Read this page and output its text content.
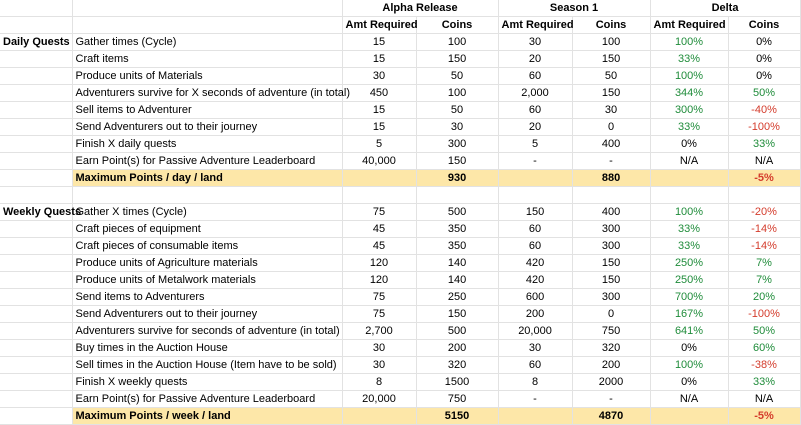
		Alpha Release		Season 1		Delta	
		Amt Required	Coins	Amt Required	Coins	Amt Required	Coins
Daily Quests	Gather times (Cycle)	15	100	30	100	100%	0%
	Craft items	15	150	20	150	33%	0%
	Produce units of Materials	30	50	60	50	100%	0%
	Adventurers survive for X seconds of adventure (in total)	450	100	2,000	150	344%	50%
	Sell items to Adventurer	15	50	60	30	300%	-40%
	Send Adventurers out to their journey	15	30	20	0	33%	-100%
	Finish X daily quests	5	300	5	400	0%	33%
	Earn Point(s) for Passive Adventure Leaderboard	40,000	150	-	-	N/A	N/A
	Maximum Points / day / land		930		880		-5%

Weekly Quests	Gather X times (Cycle)	75	500	150	400	100%	-20%
	Craft pieces of equipment	45	350	60	300	33%	-14%
	Craft pieces of consumable items	45	350	60	300	33%	-14%
	Produce units of Agriculture materials	120	140	420	150	250%	7%
	Produce units of Metalwork materials	120	140	420	150	250%	7%
	Send items to Adventurers	75	250	600	300	700%	20%
	Send Adventurers out to their journey	75	150	200	0	167%	-100%
	Adventurers survive for seconds of adventure (in total)	2,700	500	20,000	750	641%	50%
	Buy times in the Auction House	30	200	30	320	0%	60%
	Sell times in the Auction House (Item have to be sold)	30	320	60	200	100%	-38%
	Finish X weekly quests	8	1500	8	2000	0%	33%
	Earn Point(s) for Passive Adventure Leaderboard	20,000	750	-	-	N/A	N/A
	Maximum Points / week / land		5150		4870		-5%
